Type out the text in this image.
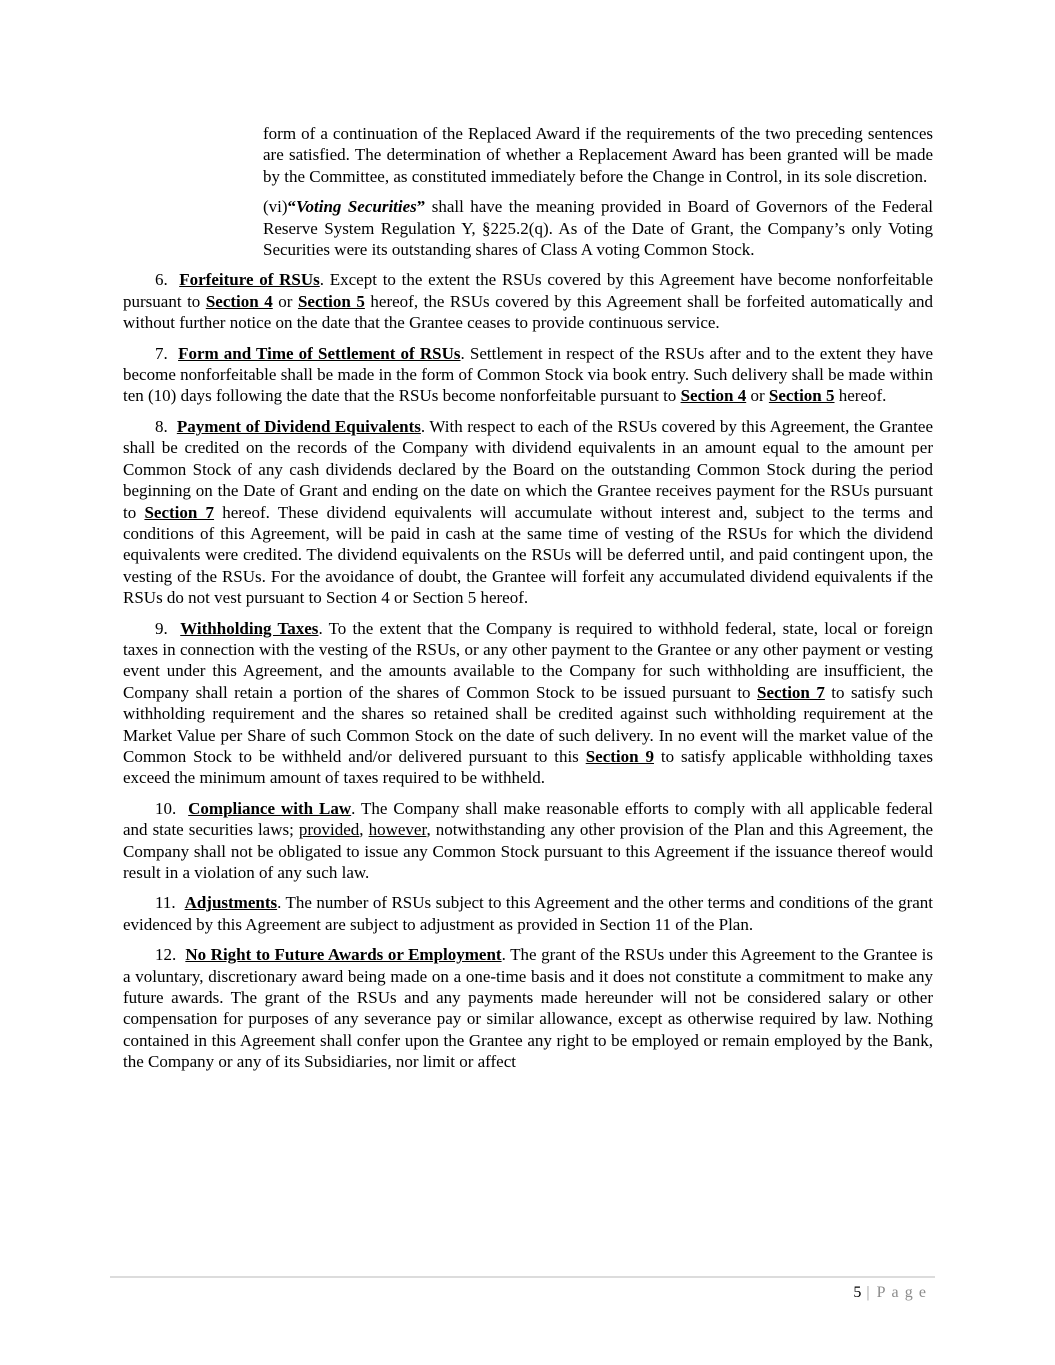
form of a continuation of the Replaced Award if the requirements of the two preceding sentences are satisfied. The determination of whether a Replacement Award has been granted will be made by the Committee, as constituted immediately before the Change in Control, in its sole discretion.

(vi)“Voting Securities” shall have the meaning provided in Board of Governors of the Federal Reserve System Regulation Y, §225.2(q). As of the Date of Grant, the Company’s only Voting Securities were its outstanding shares of Class A voting Common Stock.

6.  Forfeiture of RSUs. Except to the extent the RSUs covered by this Agreement have become nonforfeitable pursuant to Section 4 or Section 5 hereof, the RSUs covered by this Agreement shall be forfeited automatically and without further notice on the date that the Grantee ceases to provide continuous service.

7.  Form and Time of Settlement of RSUs. Settlement in respect of the RSUs after and to the extent they have become nonforfeitable shall be made in the form of Common Stock via book entry. Such delivery shall be made within ten (10) days following the date that the RSUs become nonforfeitable pursuant to Section 4 or Section 5 hereof.

8.  Payment of Dividend Equivalents. With respect to each of the RSUs covered by this Agreement, the Grantee shall be credited on the records of the Company with dividend equivalents in an amount equal to the amount per Common Stock of any cash dividends declared by the Board on the outstanding Common Stock during the period beginning on the Date of Grant and ending on the date on which the Grantee receives payment for the RSUs pursuant to Section 7 hereof. These dividend equivalents will accumulate without interest and, subject to the terms and conditions of this Agreement, will be paid in cash at the same time of vesting of the RSUs for which the dividend equivalents were credited. The dividend equivalents on the RSUs will be deferred until, and paid contingent upon, the vesting of the RSUs. For the avoidance of doubt, the Grantee will forfeit any accumulated dividend equivalents if the RSUs do not vest pursuant to Section 4 or Section 5 hereof.

9.  Withholding Taxes. To the extent that the Company is required to withhold federal, state, local or foreign taxes in connection with the vesting of the RSUs, or any other payment to the Grantee or any other payment or vesting event under this Agreement, and the amounts available to the Company for such withholding are insufficient, the Company shall retain a portion of the shares of Common Stock to be issued pursuant to Section 7 to satisfy such withholding requirement and the shares so retained shall be credited against such withholding requirement at the Market Value per Share of such Common Stock on the date of such delivery. In no event will the market value of the Common Stock to be withheld and/or delivered pursuant to this Section 9 to satisfy applicable withholding taxes exceed the minimum amount of taxes required to be withheld.

10.  Compliance with Law. The Company shall make reasonable efforts to comply with all applicable federal and state securities laws; provided, however, notwithstanding any other provision of the Plan and this Agreement, the Company shall not be obligated to issue any Common Stock pursuant to this Agreement if the issuance thereof would result in a violation of any such law.

11.  Adjustments. The number of RSUs subject to this Agreement and the other terms and conditions of the grant evidenced by this Agreement are subject to adjustment as provided in Section 11 of the Plan.

12.  No Right to Future Awards or Employment. The grant of the RSUs under this Agreement to the Grantee is a voluntary, discretionary award being made on a one-time basis and it does not constitute a commitment to make any future awards. The grant of the RSUs and any payments made hereunder will not be considered salary or other compensation for purposes of any severance pay or similar allowance, except as otherwise required by law. Nothing contained in this Agreement shall confer upon the Grantee any right to be employed or remain employed by the Bank, the Company or any of its Subsidiaries, nor limit or affect

5 | Page
